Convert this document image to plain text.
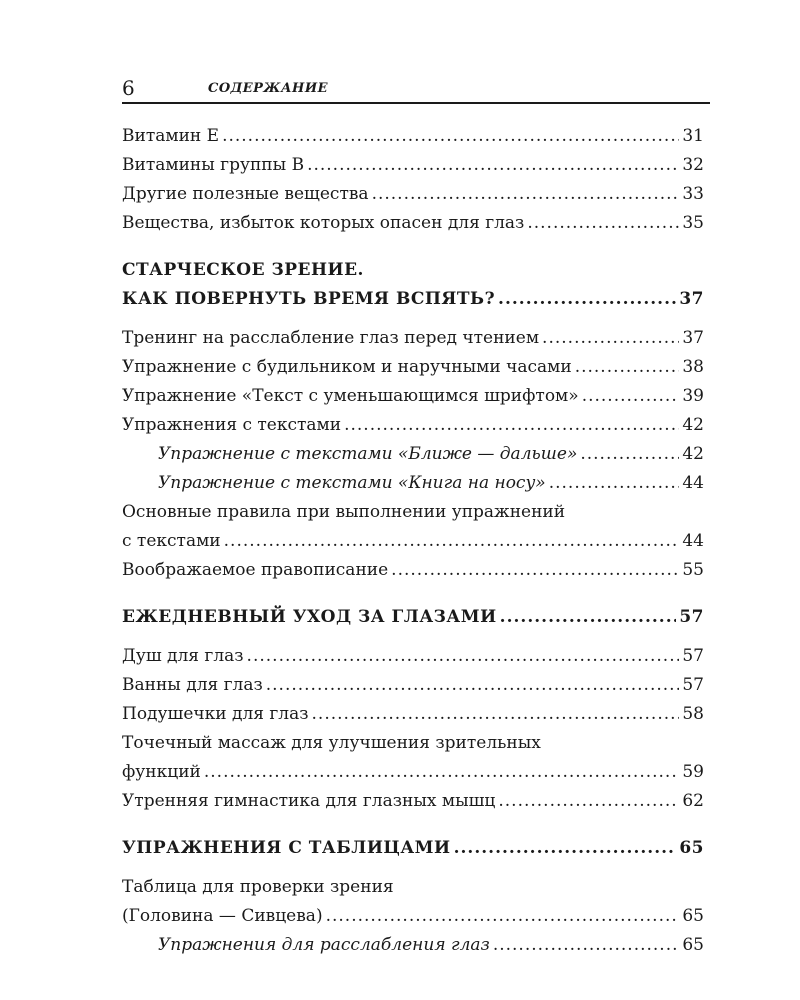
6	СОДЕРЖАНИЕ
Витамин Е .....	31
Витамины группы В .....	32
Другие полезные вещества .....	33
Вещества, избыток которых опасен для глаз .....	35
СТАРЧЕСКОЕ ЗРЕНИЕ.
КАК ПОВЕРНУТЬ ВРЕМЯ ВСПЯТЬ? .....	37
Тренинг на расслабление глаз перед чтением .....	37
Упражнение с будильником и наручными часами .....	38
Упражнение «Текст с уменьшающимся шрифтом» .....	39
Упражнения с текстами .....	42
Упражнение с текстами «Ближе — дальше» .....	42
Упражнение с текстами «Книга на носу» .....	44
Основные правила при выполнении упражнений
с текстами .....	44
Воображаемое правописание .....	55
ЕЖЕДНЕВНЫЙ УХОД ЗА ГЛАЗАМИ .....	57
Душ для глаз .....	57
Ванны для глаз .....	57
Подушечки для глаз .....	58
Точечный массаж для улучшения зрительных
функций .....	59
Утренняя гимнастика для глазных мышц .....	62
УПРАЖНЕНИЯ С ТАБЛИЦАМИ .....	65
Таблица для проверки зрения
(Головина — Сивцева) .....	65
Упражнения для расслабления глаз .....	65
